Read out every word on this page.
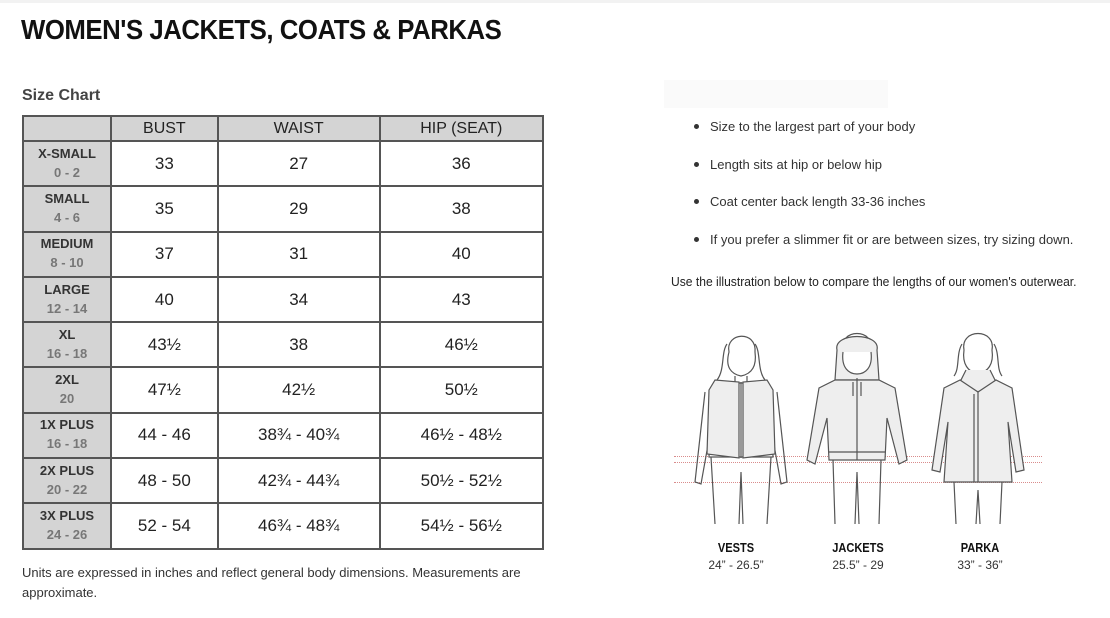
WOMEN'S JACKETS, COATS & PARKAS
Size Chart
	BUST	WAIST	HIP (SEAT)

X-SMALL
0 - 2	33	27	36

SMALL
4 - 6	35	29	38

MEDIUM
8 - 10	37	31	40

LARGE
12 - 14	40	34	43

XL
16 - 18	43½	38	46½

2XL
20	47½	42½	50½

1X PLUS
16 - 18	44 - 46	38¾ - 40¾	46½ - 48½

2X PLUS
20 - 22	48 - 50	42¾ - 44¾	50½ - 52½

3X PLUS
24 - 26	52 - 54	46¾ - 48¾	54½ - 56½
Units are expressed in inches and reflect general body dimensions. Measurements are approximate.
Size to the largest part of your body
Length sits at hip or below hip
Coat center back length 33-36 inches
If you prefer a slimmer fit or are between sizes, try sizing down.
Use the illustration below to compare the lengths of our women's outerwear.
VESTS
24” - 26.5”
JACKETS
25.5” - 29
PARKA
33” - 36”
